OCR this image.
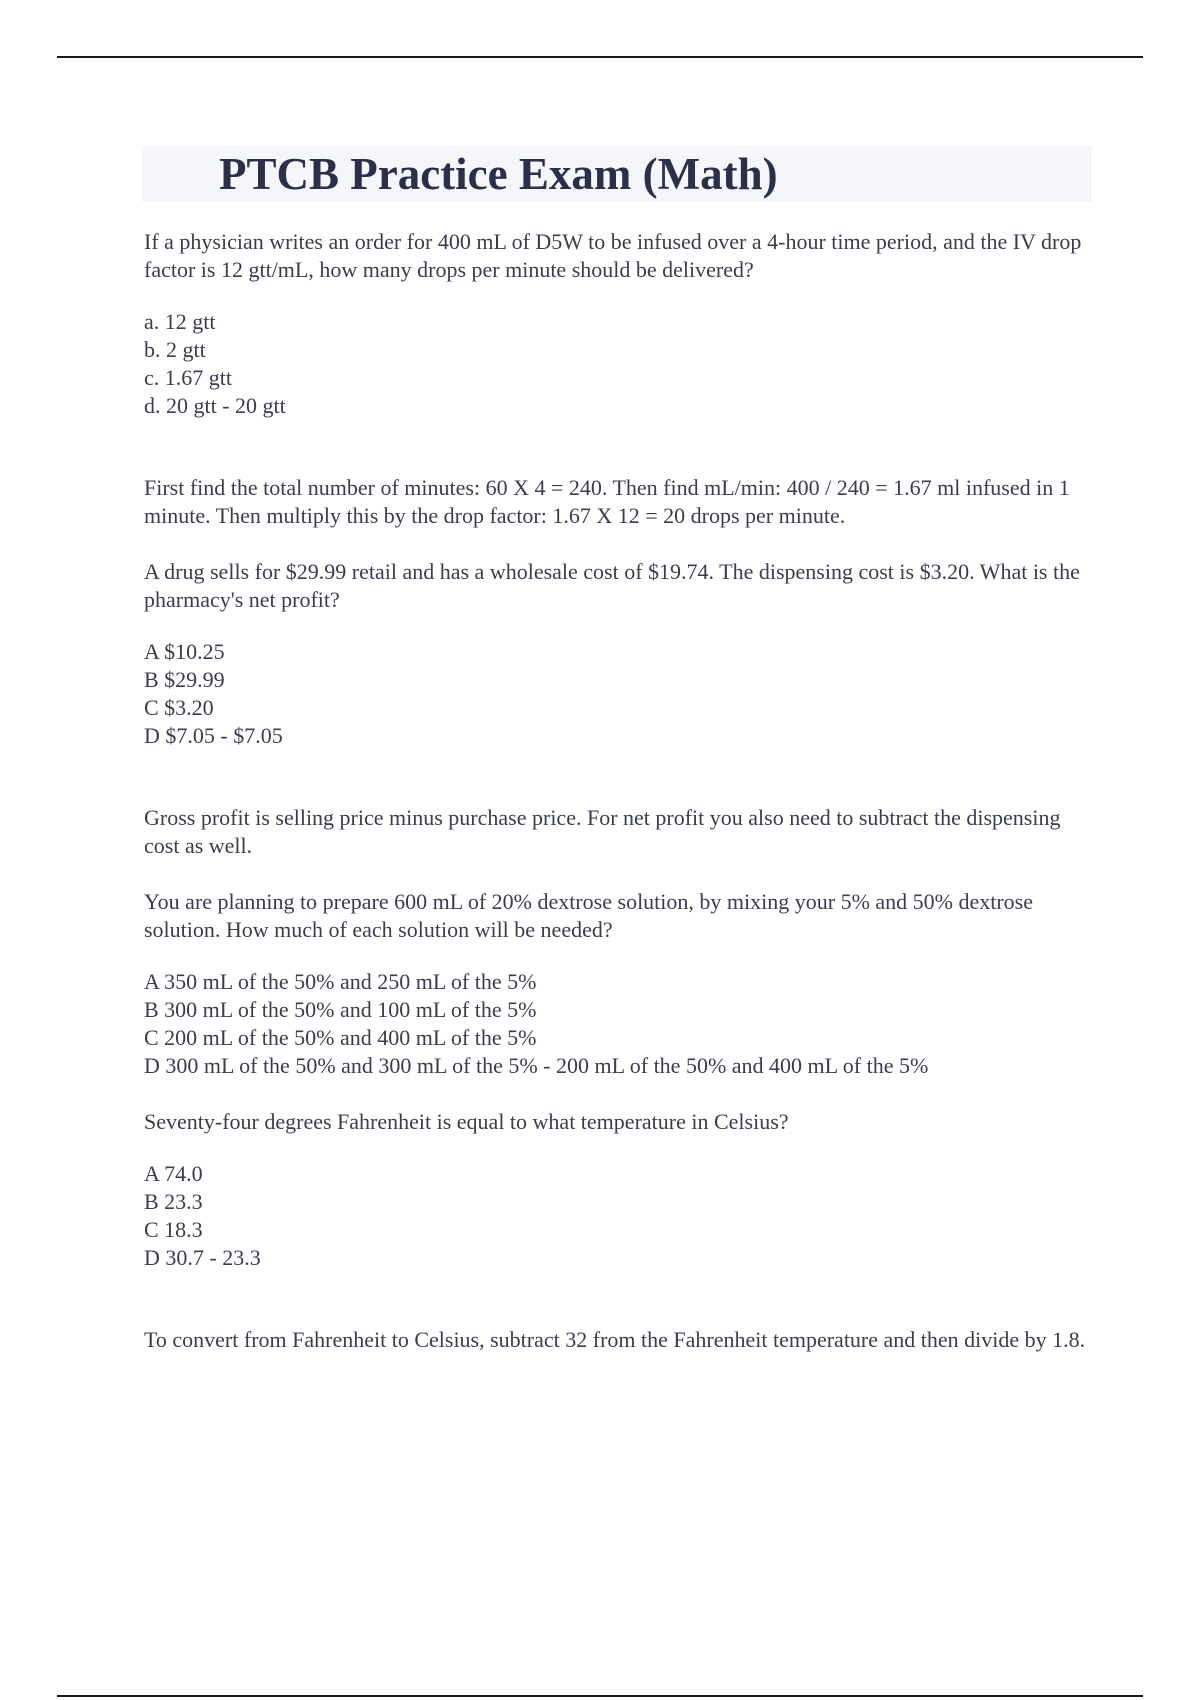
PTCB Practice Exam (Math)

If a physician writes an order for 400 mL of D5W to be infused over a 4-hour time period, and the IV drop factor is 12 gtt/mL, how many drops per minute should be delivered?

a. 12 gtt
b. 2 gtt
c. 1.67 gtt
d. 20 gtt - 20 gtt

First find the total number of minutes: 60 X 4 = 240. Then find mL/min: 400 / 240 = 1.67 ml infused in 1 minute. Then multiply this by the drop factor: 1.67 X 12 = 20 drops per minute.

A drug sells for $29.99 retail and has a wholesale cost of $19.74. The dispensing cost is $3.20. What is the pharmacy's net profit?

A $10.25
B $29.99
C $3.20
D $7.05 - $7.05

Gross profit is selling price minus purchase price. For net profit you also need to subtract the dispensing cost as well.

You are planning to prepare 600 mL of 20% dextrose solution, by mixing your 5% and 50% dextrose solution. How much of each solution will be needed?

A 350 mL of the 50% and 250 mL of the 5%
B 300 mL of the 50% and 100 mL of the 5%
C 200 mL of the 50% and 400 mL of the 5%
D 300 mL of the 50% and 300 mL of the 5% - 200 mL of the 50% and 400 mL of the 5%

Seventy-four degrees Fahrenheit is equal to what temperature in Celsius?

A 74.0
B 23.3
C 18.3
D 30.7 - 23.3

To convert from Fahrenheit to Celsius, subtract 32 from the Fahrenheit temperature and then divide by 1.8.
